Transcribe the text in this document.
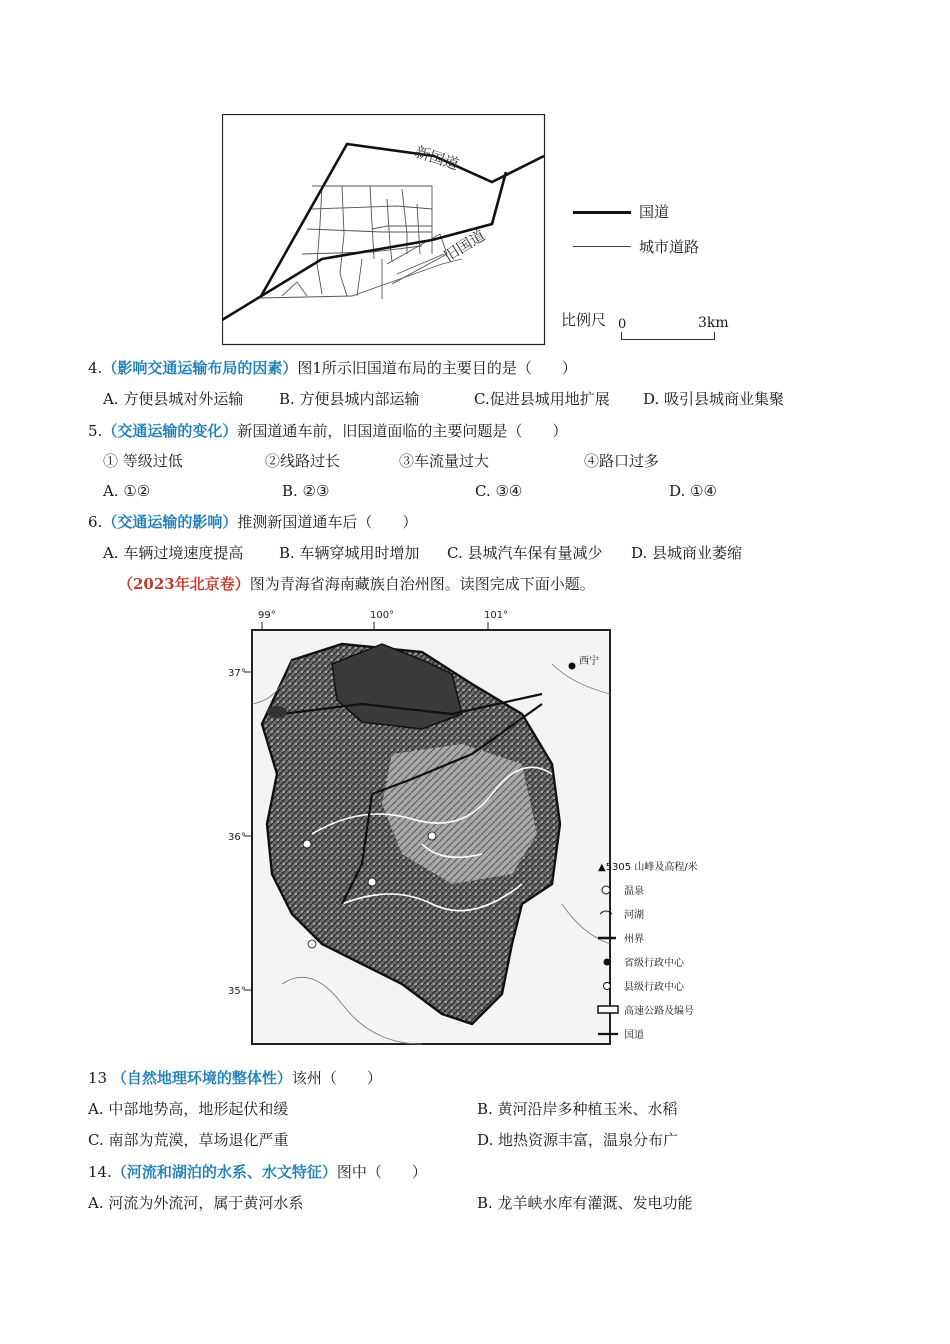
新国道
旧国道
国道
城市道路
比例尺 0	3km
4.（影响交通运输布局的因素）图1所示旧国道布局的主要目的是（　　）
A. 方便县城对外运输 B. 方便县城内部运输	C.促进县城用地扩展 D. 吸引县城商业集聚
5.（交通运输的变化）新国道通车前，旧国道面临的主要问题是（　　）
① 等级过低	②线路过长	③车流量过大	④路口过多
A. ①②	B. ②③	C. ③④	D. ①④
6.（交通运输的影响）推测新国道通车后（　　）
A. 车辆过境速度提高 B. 车辆穿城用时增加 C. 县城汽车保有量减少 D. 县城商业萎缩
（2023年北京卷）图为青海省海南藏族自治州图。读图完成下面小题。
99°	100°	101°
37°
36°
35°
西宁
▲5305 山峰及高程/米
温泉
河湖
州界
省级行政中心
县级行政中心
高速公路及编号
国道
13 （自然地理环境的整体性）该州（　　）
A. 中部地势高，地形起伏和缓	B. 黄河沿岸多种植玉米、水稻
C. 南部为荒漠，草场退化严重	D. 地热资源丰富，温泉分布广
14.（河流和湖泊的水系、水文特征）图中（　　）
A. 河流为外流河，属于黄河水系	B. 龙羊峡水库有灌溉、发电功能
